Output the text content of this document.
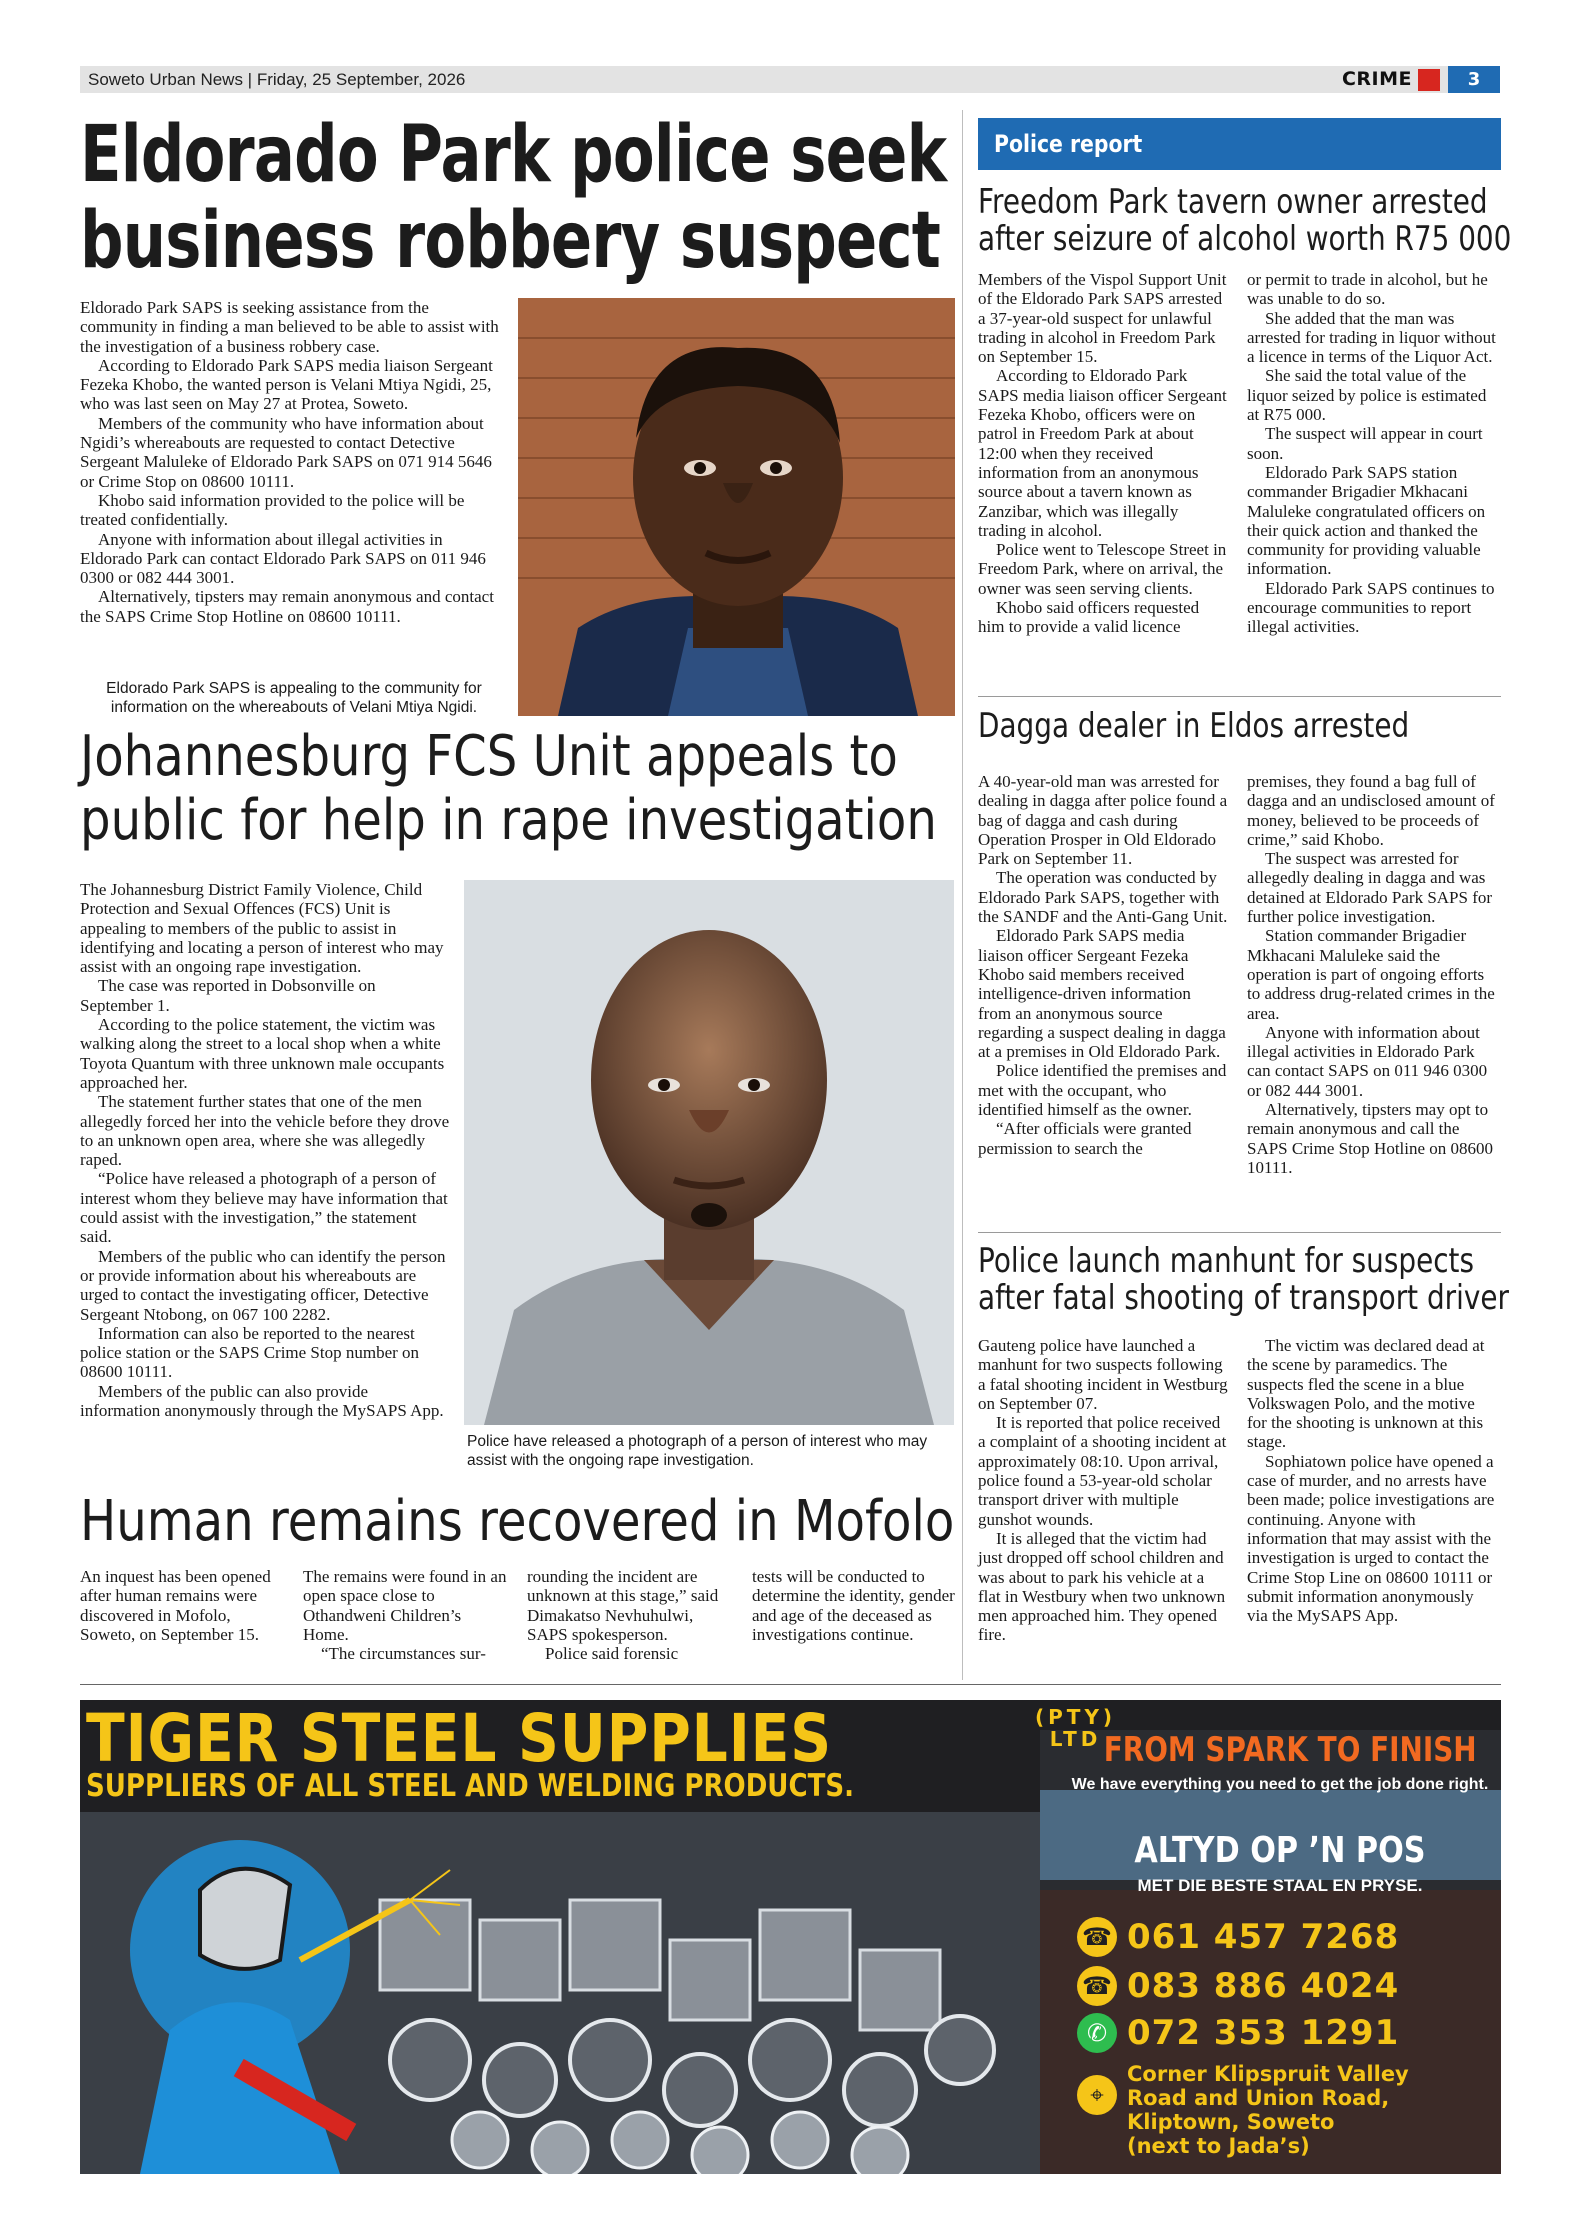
Soweto Urban News | Friday, 25 September, 2026	CRIME	3
Eldorado Park police seek
business robbery suspect

Eldorado Park SAPS is seeking assistance from the community in finding a man believed to be able to assist with the investigation of a business robbery case.

According to Eldorado Park SAPS media liaison Sergeant Fezeka Khobo, the wanted person is Velani Mtiya Ngidi, 25, who was last seen on May 27 at Protea, Soweto.

Members of the community who have information about Ngidi’s whereabouts are requested to contact Detective Sergeant Maluleke of Eldorado Park SAPS on 071 914 5646 or Crime Stop on 08600 10111.

Khobo said information provided to the police will be treated confidentially.

Anyone with information about illegal activities in Eldorado Park can contact Eldorado Park SAPS on 011 946 0300 or 082 444 3001.

Alternatively, tipsters may remain anonymous and contact the SAPS Crime Stop Hotline on 08600 10111.

Eldorado Park SAPS is appealing to the community for information on the whereabouts of Velani Mtiya Ngidi.
Johannesburg FCS Unit appeals to
public for help in rape investigation

The Johannesburg District Family Violence, Child Protection and Sexual Offences (FCS) Unit is appealing to members of the public to assist in identifying and locating a person of interest who may assist with an ongoing rape investigation.

The case was reported in Dobsonville on September 1.

According to the police statement, the victim was walking along the street to a local shop when a white Toyota Quantum with three unknown male occupants approached her.

The statement further states that one of the men allegedly forced her into the vehicle before they drove to an unknown open area, where she was allegedly raped.

“Police have released a photograph of a person of interest whom they believe may have information that could assist with the investigation,” the statement said.

Members of the public who can identify the person or provide information about his whereabouts are urged to contact the investigating officer, Detective Sergeant Ntobong, on 067 100 2282.

Information can also be reported to the nearest police station or the SAPS Crime Stop number on 08600 10111.

Members of the public can also provide information anonymously through the MySAPS App.

Police have released a photograph of a person of interest who may assist with the ongoing rape investigation.
Human remains recovered in Mofolo

An inquest has been opened after human remains were discovered in Mofolo, Soweto, on September 15.

The remains were found in an open space close to Othandweni Children’s Home.

“The circumstances sur-

rounding the incident are unknown at this stage,” said Dimakatso Nevhuhulwi, SAPS spokesperson.

Police said forensic

tests will be conducted to determine the identity, gender and age of the deceased as investigations continue.

Police report
Freedom Park tavern owner arrested
after seizure of alcohol worth R75 000

Members of the Vispol Support Unit of the Eldorado Park SAPS arrested a 37-year-old suspect for unlawful trading in alcohol in Freedom Park on September 15.

According to Eldorado Park SAPS media liaison officer Sergeant Fezeka Khobo, officers were on patrol in Freedom Park at about 12:00 when they received information from an anonymous source about a tavern known as Zanzibar, which was illegally trading in alcohol.

Police went to Telescope Street in Freedom Park, where on arrival, the owner was seen serving clients.

Khobo said officers requested him to provide a valid licence

or permit to trade in alcohol, but he was unable to do so.

She added that the man was arrested for trading in liquor without a licence in terms of the Liquor Act.

She said the total value of the liquor seized by police is estimated at R75 000.

The suspect will appear in court soon.

Eldorado Park SAPS station commander Brigadier Mkhacani Maluleke congratulated officers on their quick action and thanked the community for providing valuable information.

Eldorado Park SAPS continues to encourage communities to report illegal activities.

Dagga dealer in Eldos arrested

A 40-year-old man was arrested for dealing in dagga after police found a bag of dagga and cash during Operation Prosper in Old Eldorado Park on September 11.

The operation was conducted by Eldorado Park SAPS, together with the SANDF and the Anti-Gang Unit.

Eldorado Park SAPS media liaison officer Sergeant Fezeka Khobo said members received intelligence-driven information from an anonymous source regarding a suspect dealing in dagga at a premises in Old Eldorado Park.

Police identified the premises and met with the occupant, who identified himself as the owner.

“After officials were granted permission to search the

premises, they found a bag full of dagga and an undisclosed amount of money, believed to be proceeds of crime,” said Khobo.

The suspect was arrested for allegedly dealing in dagga and was detained at Eldorado Park SAPS for further police investigation.

Station commander Brigadier Mkhacani Maluleke said the operation is part of ongoing efforts to address drug-related crimes in the area.

Anyone with information about illegal activities in Eldorado Park can contact SAPS on 011 946 0300 or 082 444 3001.

Alternatively, tipsters may opt to remain anonymous and call the SAPS Crime Stop Hotline on 08600 10111.

Police launch manhunt for suspects
after fatal shooting of transport driver

Gauteng police have launched a manhunt for two suspects following a fatal shooting incident in Westburg on September 07.

It is reported that police received a complaint of a shooting incident at approximately 08:10. Upon arrival, police found a 53-year-old scholar transport driver with multiple gunshot wounds.

It is alleged that the victim had just dropped off school children and was about to park his vehicle at a flat in Westbury when two unknown men approached him. They opened fire.

The victim was declared dead at the scene by paramedics. The suspects fled the scene in a blue Volkswagen Polo, and the motive for the shooting is unknown at this stage.

Sophiatown police have opened a case of murder, and no arrests have been made; police investigations are continuing. Anyone with information that may assist with the investigation is urged to contact the Crime Stop Line on 08600 10111 or submit information anonymously via the MySAPS App.

TIGER STEEL SUPPLIES	(PTY)
LTD
SUPPLIERS OF ALL STEEL AND WELDING PRODUCTS.
FROM SPARK TO FINISH
We have everything you need to get the job done right.
ALTYD OP ’N POS
MET DIE BESTE STAAL EN PRYSE.
☎ 061 457 7268
☎ 083 886 4024
✆ 072 353 1291
⌖
Corner Klipspruit Valley
Road and Union Road,
Kliptown, Soweto
(next to Jada’s)
